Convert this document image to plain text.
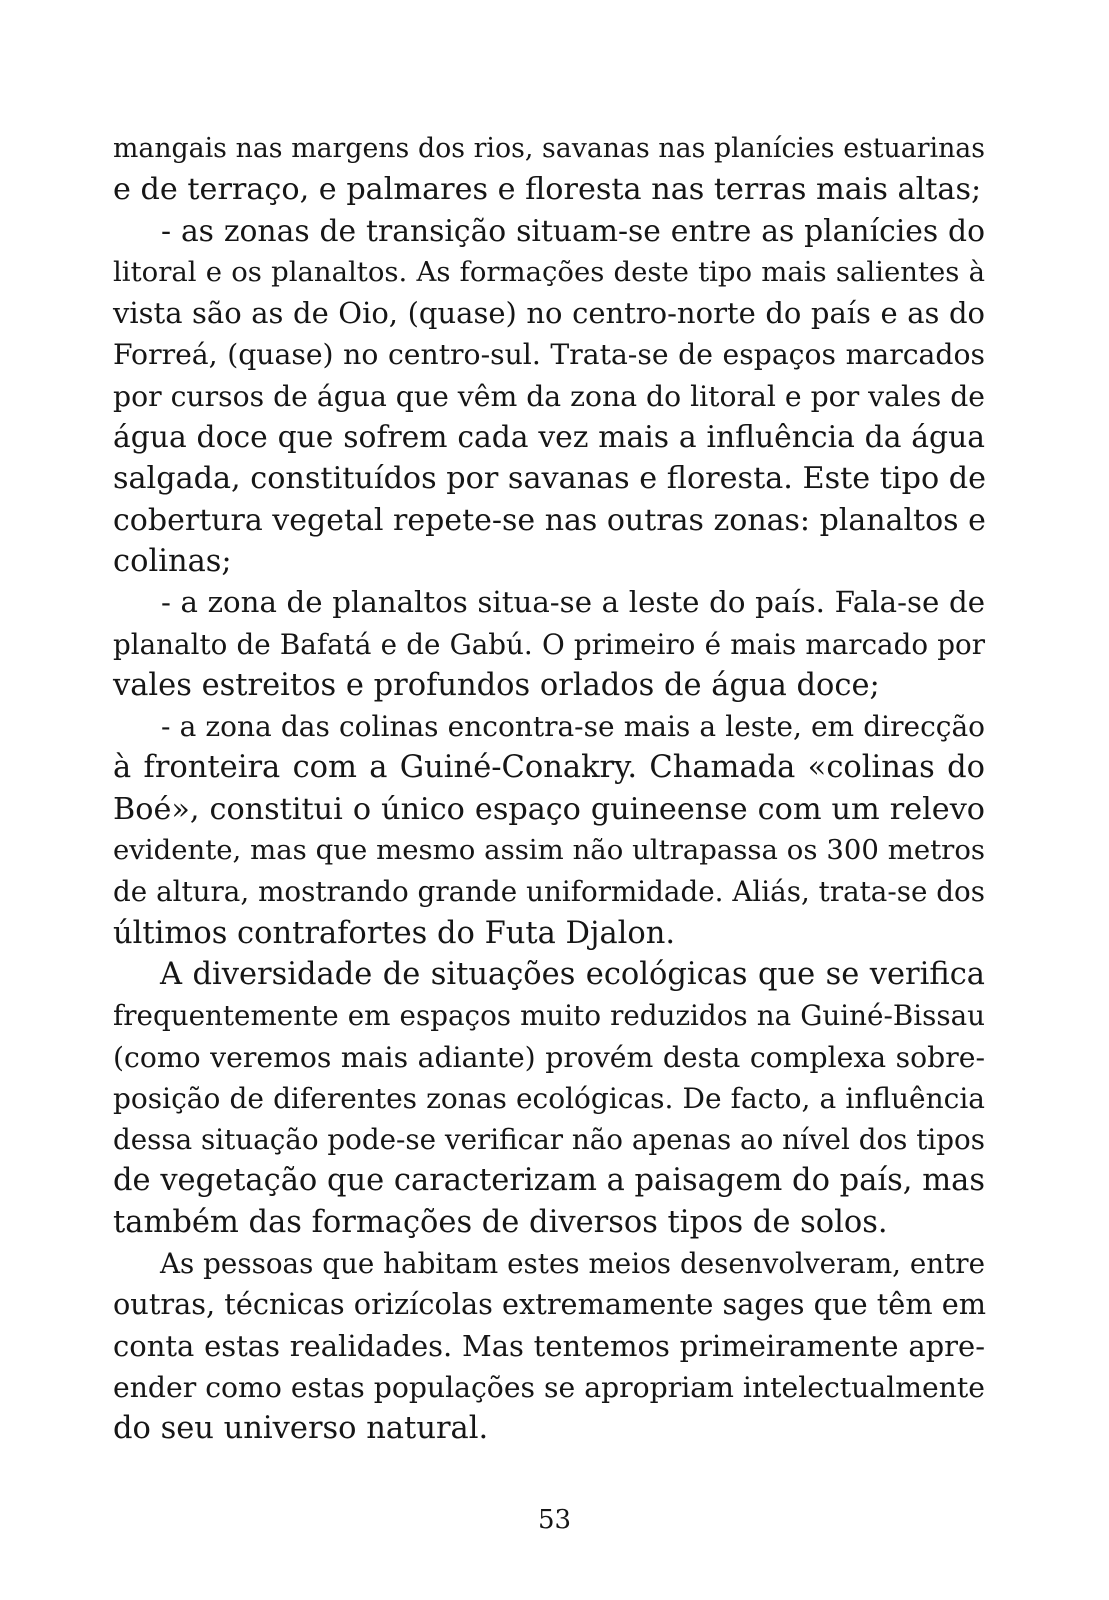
mangais nas margens dos rios, savanas nas planícies estuarinas
e de terraço, e palmares e floresta nas terras mais altas;
- as zonas de transição situam-se entre as planícies do
litoral e os planaltos. As formações deste tipo mais salientes à
vista são as de Oio, (quase) no centro-norte do país e as do
Forreá, (quase) no centro-sul. Trata-se de espaços marcados
por cursos de água que vêm da zona do litoral e por vales de
água doce que sofrem cada vez mais a influência da água
salgada, constituídos por savanas e floresta. Este tipo de
cobertura vegetal repete-se nas outras zonas: planaltos e
colinas;
- a zona de planaltos situa-se a leste do país. Fala-se de
planalto de Bafatá e de Gabú. O primeiro é mais marcado por
vales estreitos e profundos orlados de água doce;
- a zona das colinas encontra-se mais a leste, em direcção
à fronteira com a Guiné-Conakry. Chamada «colinas do
Boé», constitui o único espaço guineense com um relevo
evidente, mas que mesmo assim não ultrapassa os 300 metros
de altura, mostrando grande uniformidade. Aliás, trata-se dos
últimos contrafortes do Futa Djalon.
A diversidade de situações ecológicas que se verifica
frequentemente em espaços muito reduzidos na Guiné-Bissau
(como veremos mais adiante) provém desta complexa sobre-
posição de diferentes zonas ecológicas. De facto, a influência
dessa situação pode-se verificar não apenas ao nível dos tipos
de vegetação que caracterizam a paisagem do país, mas
também das formações de diversos tipos de solos.
As pessoas que habitam estes meios desenvolveram, entre
outras, técnicas orizícolas extremamente sages que têm em
conta estas realidades. Mas tentemos primeiramente apre-
ender como estas populações se apropriam intelectualmente
do seu universo natural.
53
